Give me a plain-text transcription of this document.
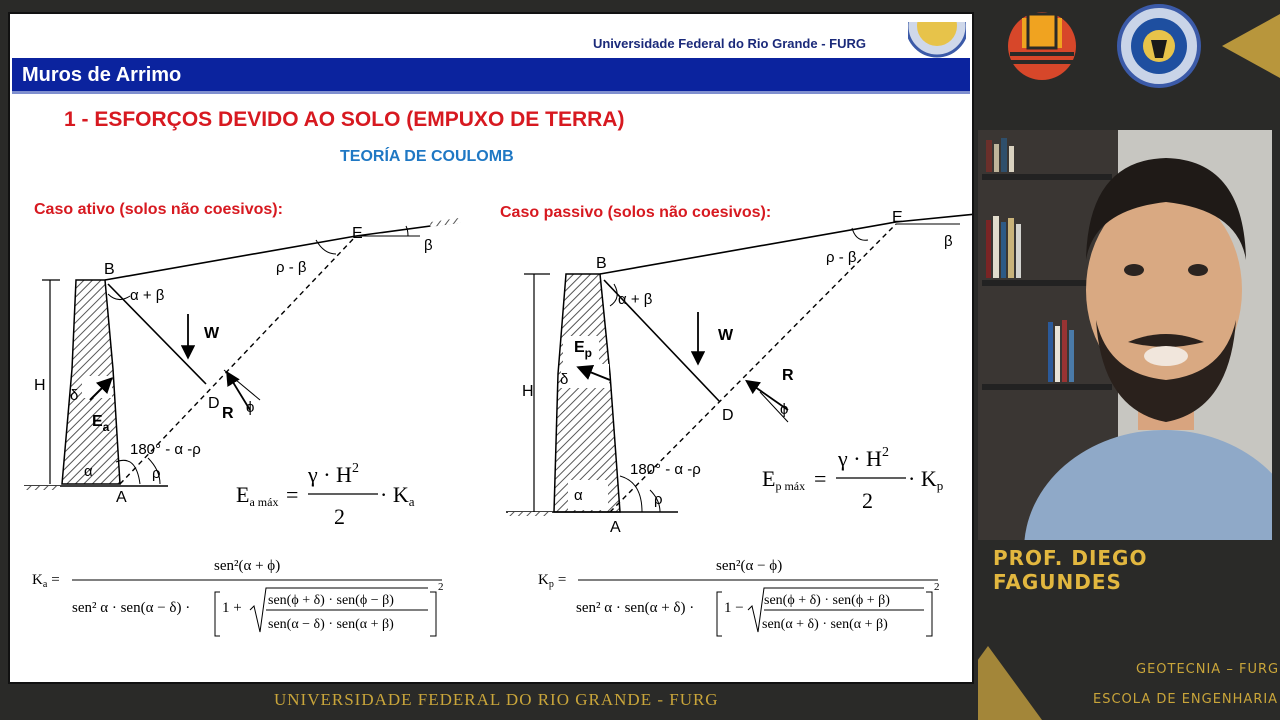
Universidade Federal do Rio Grande - FURG
Muros de Arrimo
1 - ESFORÇOS DEVIDO AO SOLO (EMPUXO DE TERRA)
TEORÍA DE COULOMB
Caso ativo (solos não coesivos):	Caso passivo (solos não coesivos):
B
E
A
D
H
W
R
$E_a$
α + β
ρ - β
β
α	ρ
δ
ϕ
180° - α -ρ
Ea máx =
$\gamma \cdot H^2$
2
· Ka
$K_a$ =
sen²(α + ϕ)
sen² α · sen(α − δ) · 1 + sen(ϕ + δ) · sen(ϕ − β)
sen(α − δ) · sen(α + β)
2
B
E
A
D
H
W
R
$E_p$
α + β
ρ - β
β
α	ρ
δ
ϕ
180° - α -ρ	Ep máx =
$\gamma \cdot H^2$
2
· Kp
$K_p$ =
sen²(α − ϕ)
sen² α · sen(α + δ) · 1 − sen(ϕ + δ) · sen(ϕ + β)
sen(α + δ) · sen(α + β)
2
UNIVERSIDADE FEDERAL DO RIO GRANDE - FURG
PROF. DIEGO FAGUNDES
GEOTECNIA – FURG
ESCOLA DE ENGENHARIA
